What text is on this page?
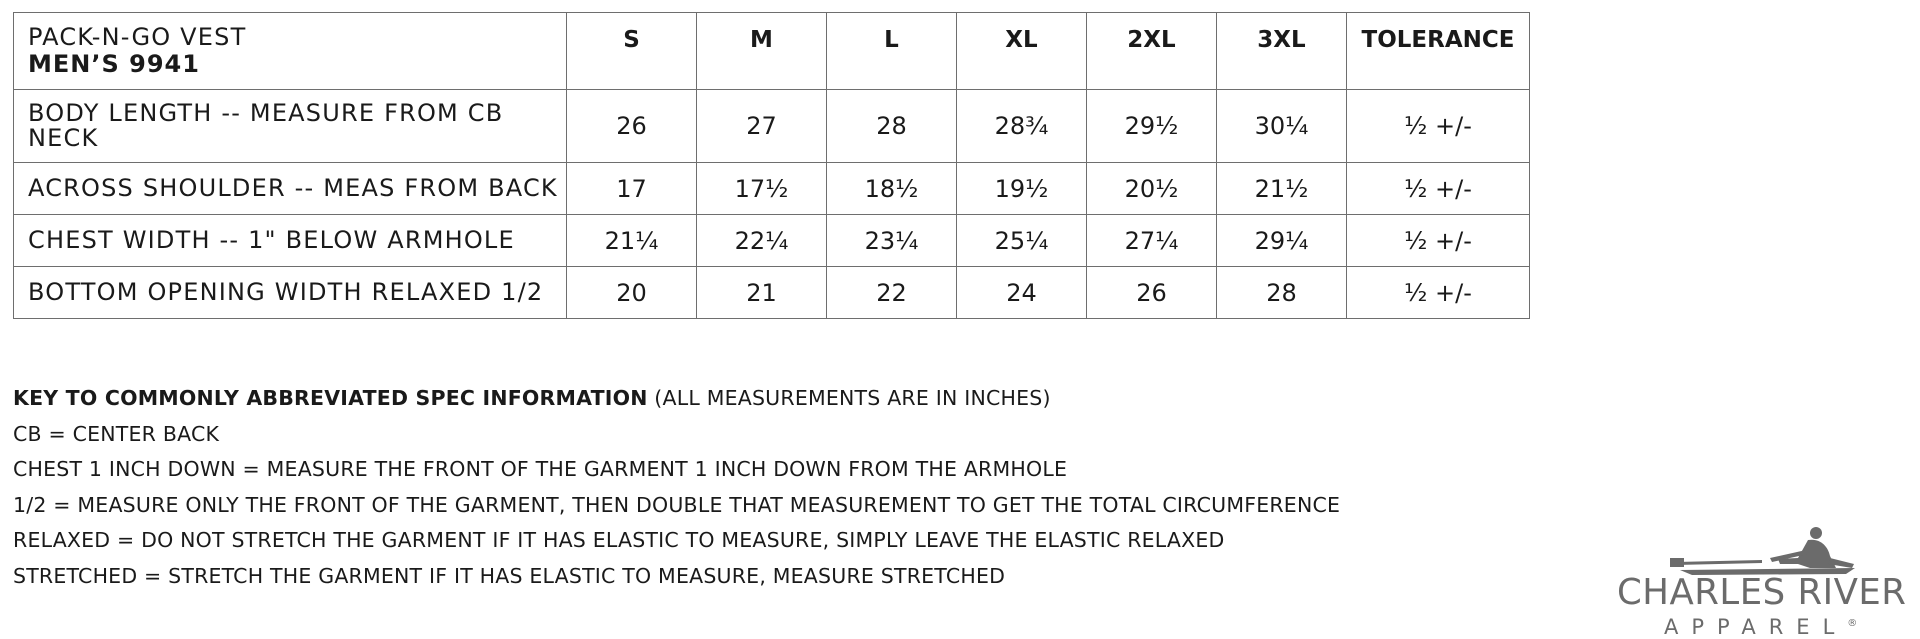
PACK-N-GO VEST
MEN’S 9941	S	M	L	XL	2XL	3XL	TOLERANCE
BODY LENGTH -- MEASURE FROM CB NECK	26	27	28	28¾	29½	30¼	½ +/-
ACROSS SHOULDER -- MEAS FROM BACK	17	17½	18½	19½	20½	21½	½ +/-
CHEST WIDTH -- 1" BELOW ARMHOLE	21¼	22¼	23¼	25¼	27¼	29¼	½ +/-
BOTTOM OPENING WIDTH RELAXED 1/2	20	21	22	24	26	28	½ +/-
KEY TO COMMONLY ABBREVIATED SPEC INFORMATION (ALL MEASUREMENTS ARE IN INCHES)
CB = CENTER BACK
CHEST 1 INCH DOWN = MEASURE THE FRONT OF THE GARMENT 1 INCH DOWN FROM THE ARMHOLE
1/2 = MEASURE ONLY THE FRONT OF THE GARMENT, THEN DOUBLE THAT MEASUREMENT TO GET THE TOTAL CIRCUMFERENCE
RELAXED = DO NOT STRETCH THE GARMENT IF IT HAS ELASTIC TO MEASURE, SIMPLY LEAVE THE ELASTIC RELAXED
STRETCHED = STRETCH THE GARMENT IF IT HAS ELASTIC TO MEASURE, MEASURE STRETCHED	CHARLES RIVER
APPAREL®
